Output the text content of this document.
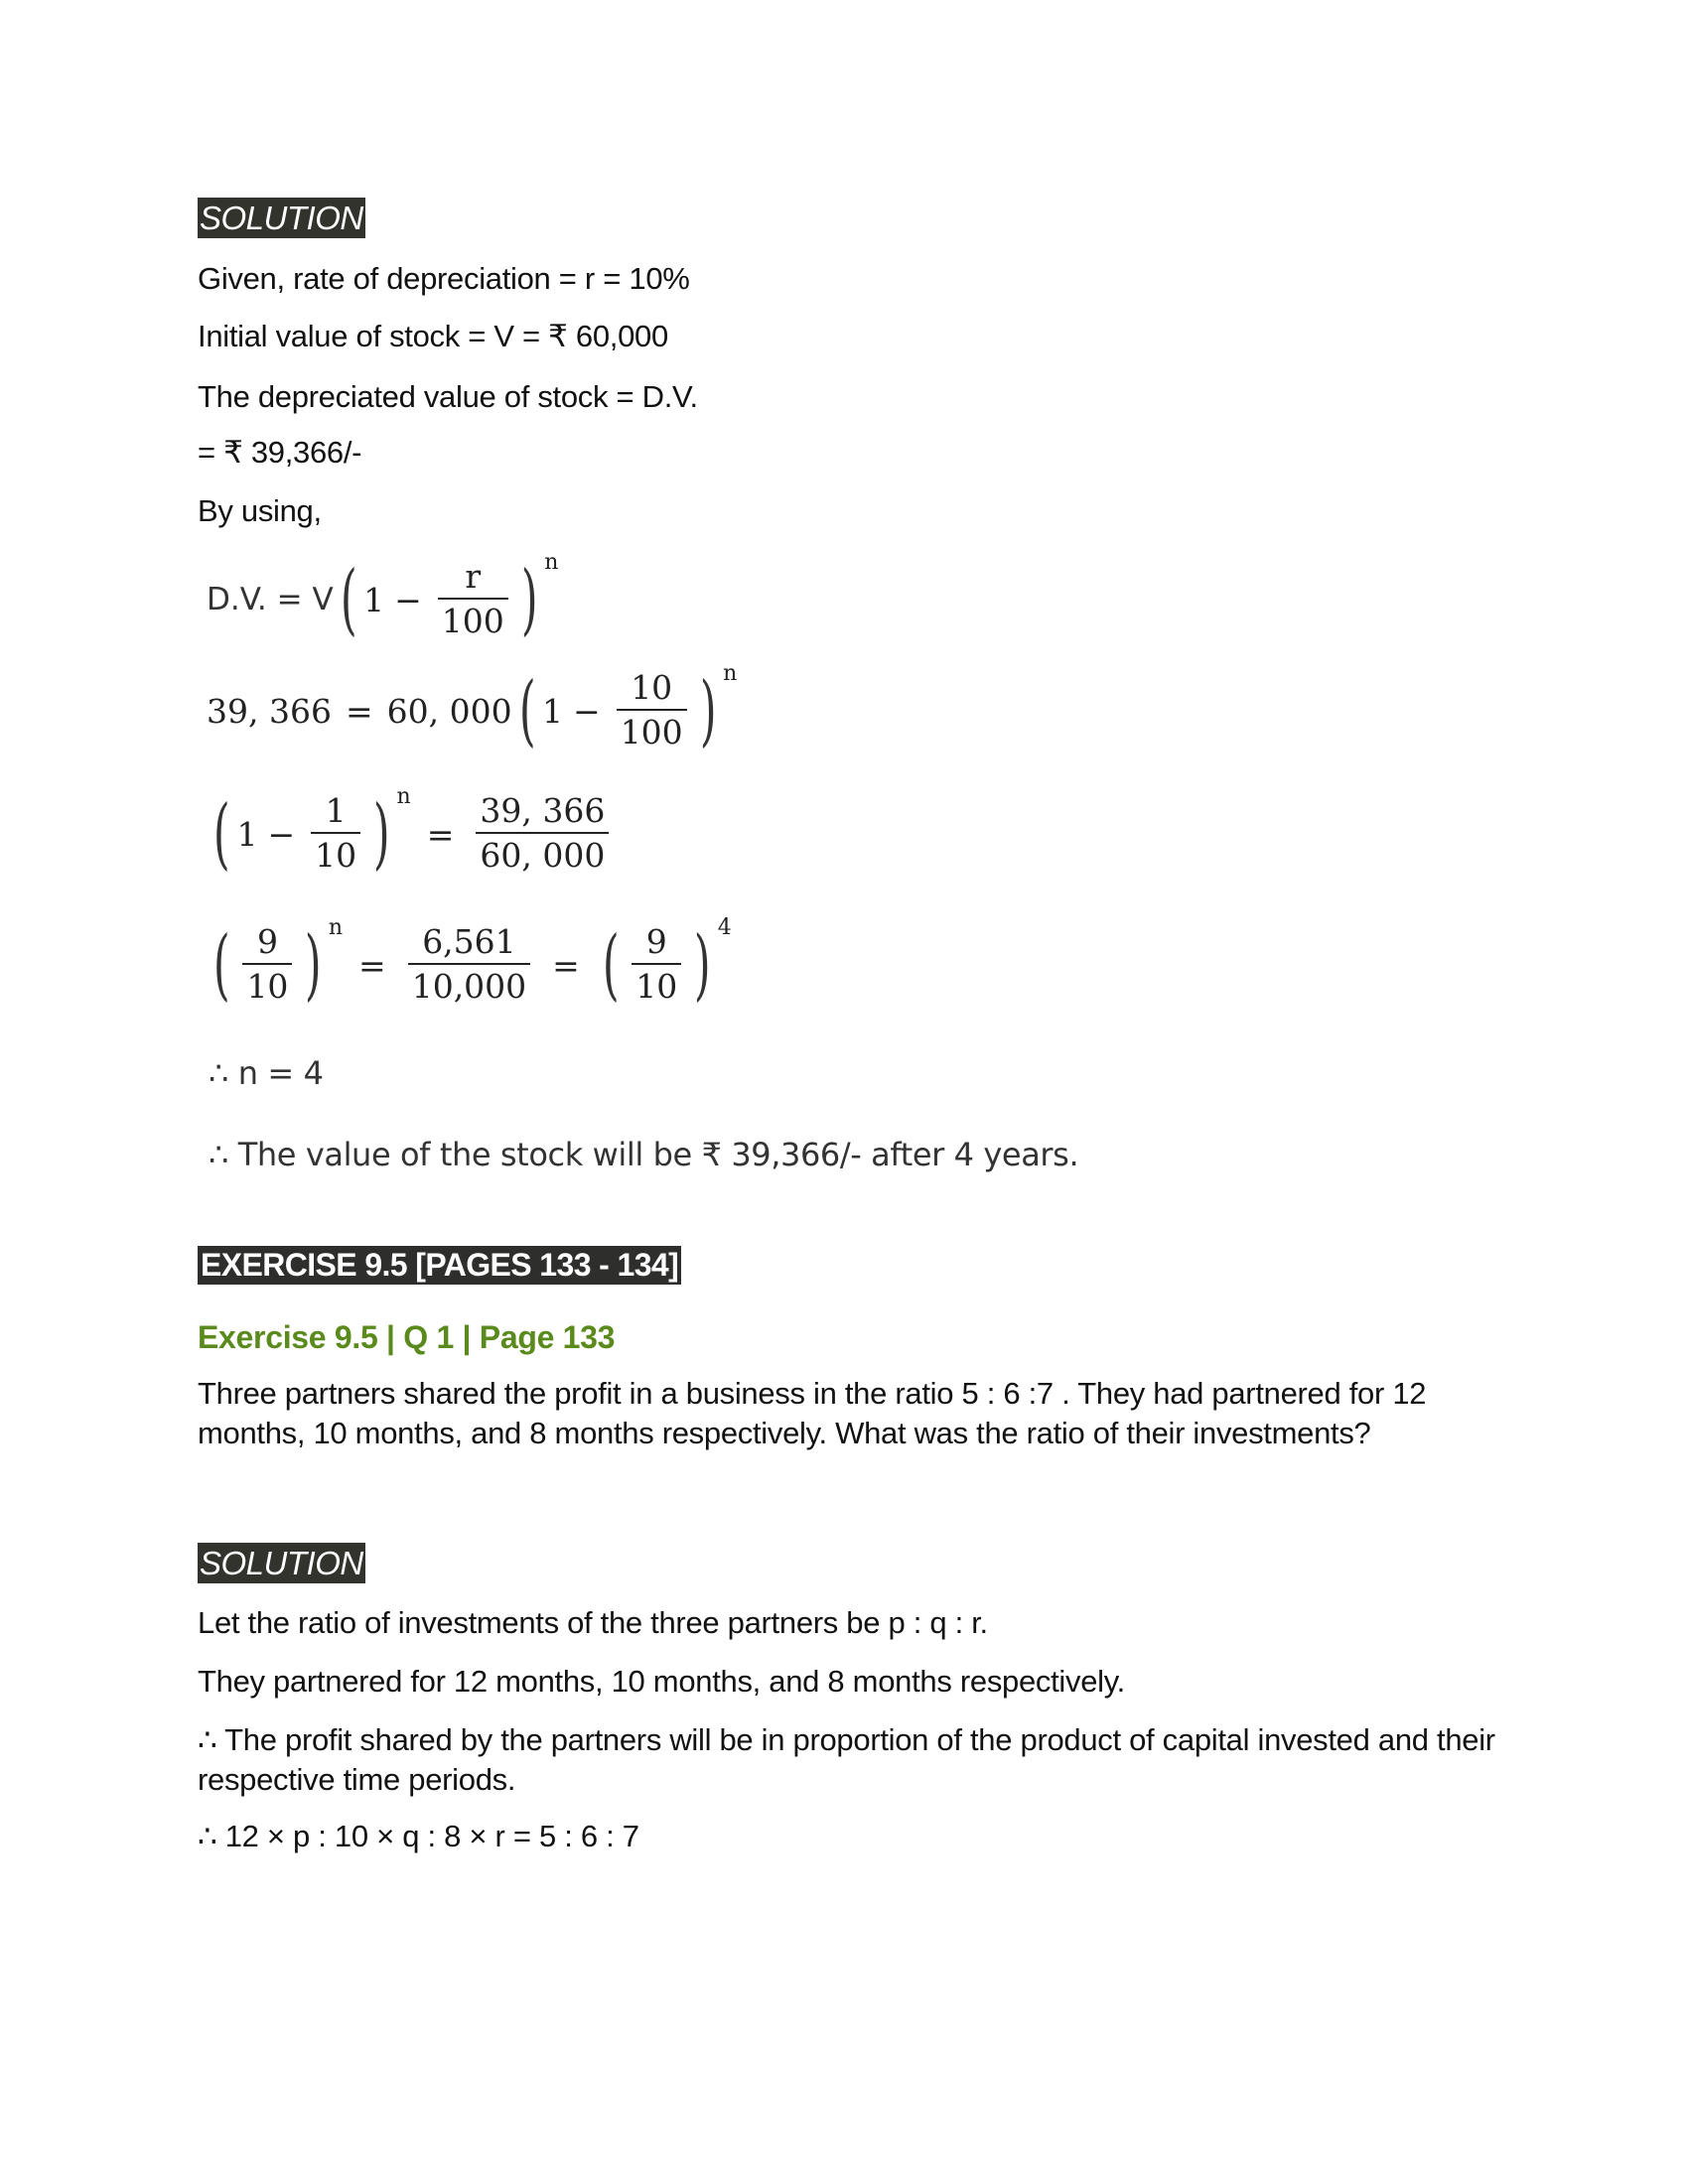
SOLUTION
Given, rate of depreciation = r = 10%
Initial value of stock = V = ₹ 60,000
The depreciated value of stock = D.V.
= ₹ 39,366/-
By using,
D.V. = V ( $1 - \frac{r}{100}$ ) n
39, 366 = 60, 000 ( $1 - \frac{10}{100}$ ) n
( $1 - \frac{1}{10}$ ) n
= $\frac{39, 366}{60, 000}$
( $\frac{9}{10}$ ) n
= $\frac{6,561}{10,000}$ = ( $\frac{9}{10}$ ) 4
∴ n = 4
∴ The value of the stock will be ₹ 39,366/- after 4 years.
EXERCISE 9.5 [PAGES 133 - 134]
Exercise 9.5 | Q 1 | Page 133
Three partners shared the profit in a business in the ratio 5 : 6 :7 . They had partnered for 12 months, 10 months, and 8 months respectively. What was the ratio of their investments?
SOLUTION
Let the ratio of investments of the three partners be p : q : r.
They partnered for 12 months, 10 months, and 8 months respectively.
∴ The profit shared by the partners will be in proportion of the product of capital invested and their respective time periods.
∴ 12 × p : 10 × q : 8 × r = 5 : 6 : 7
